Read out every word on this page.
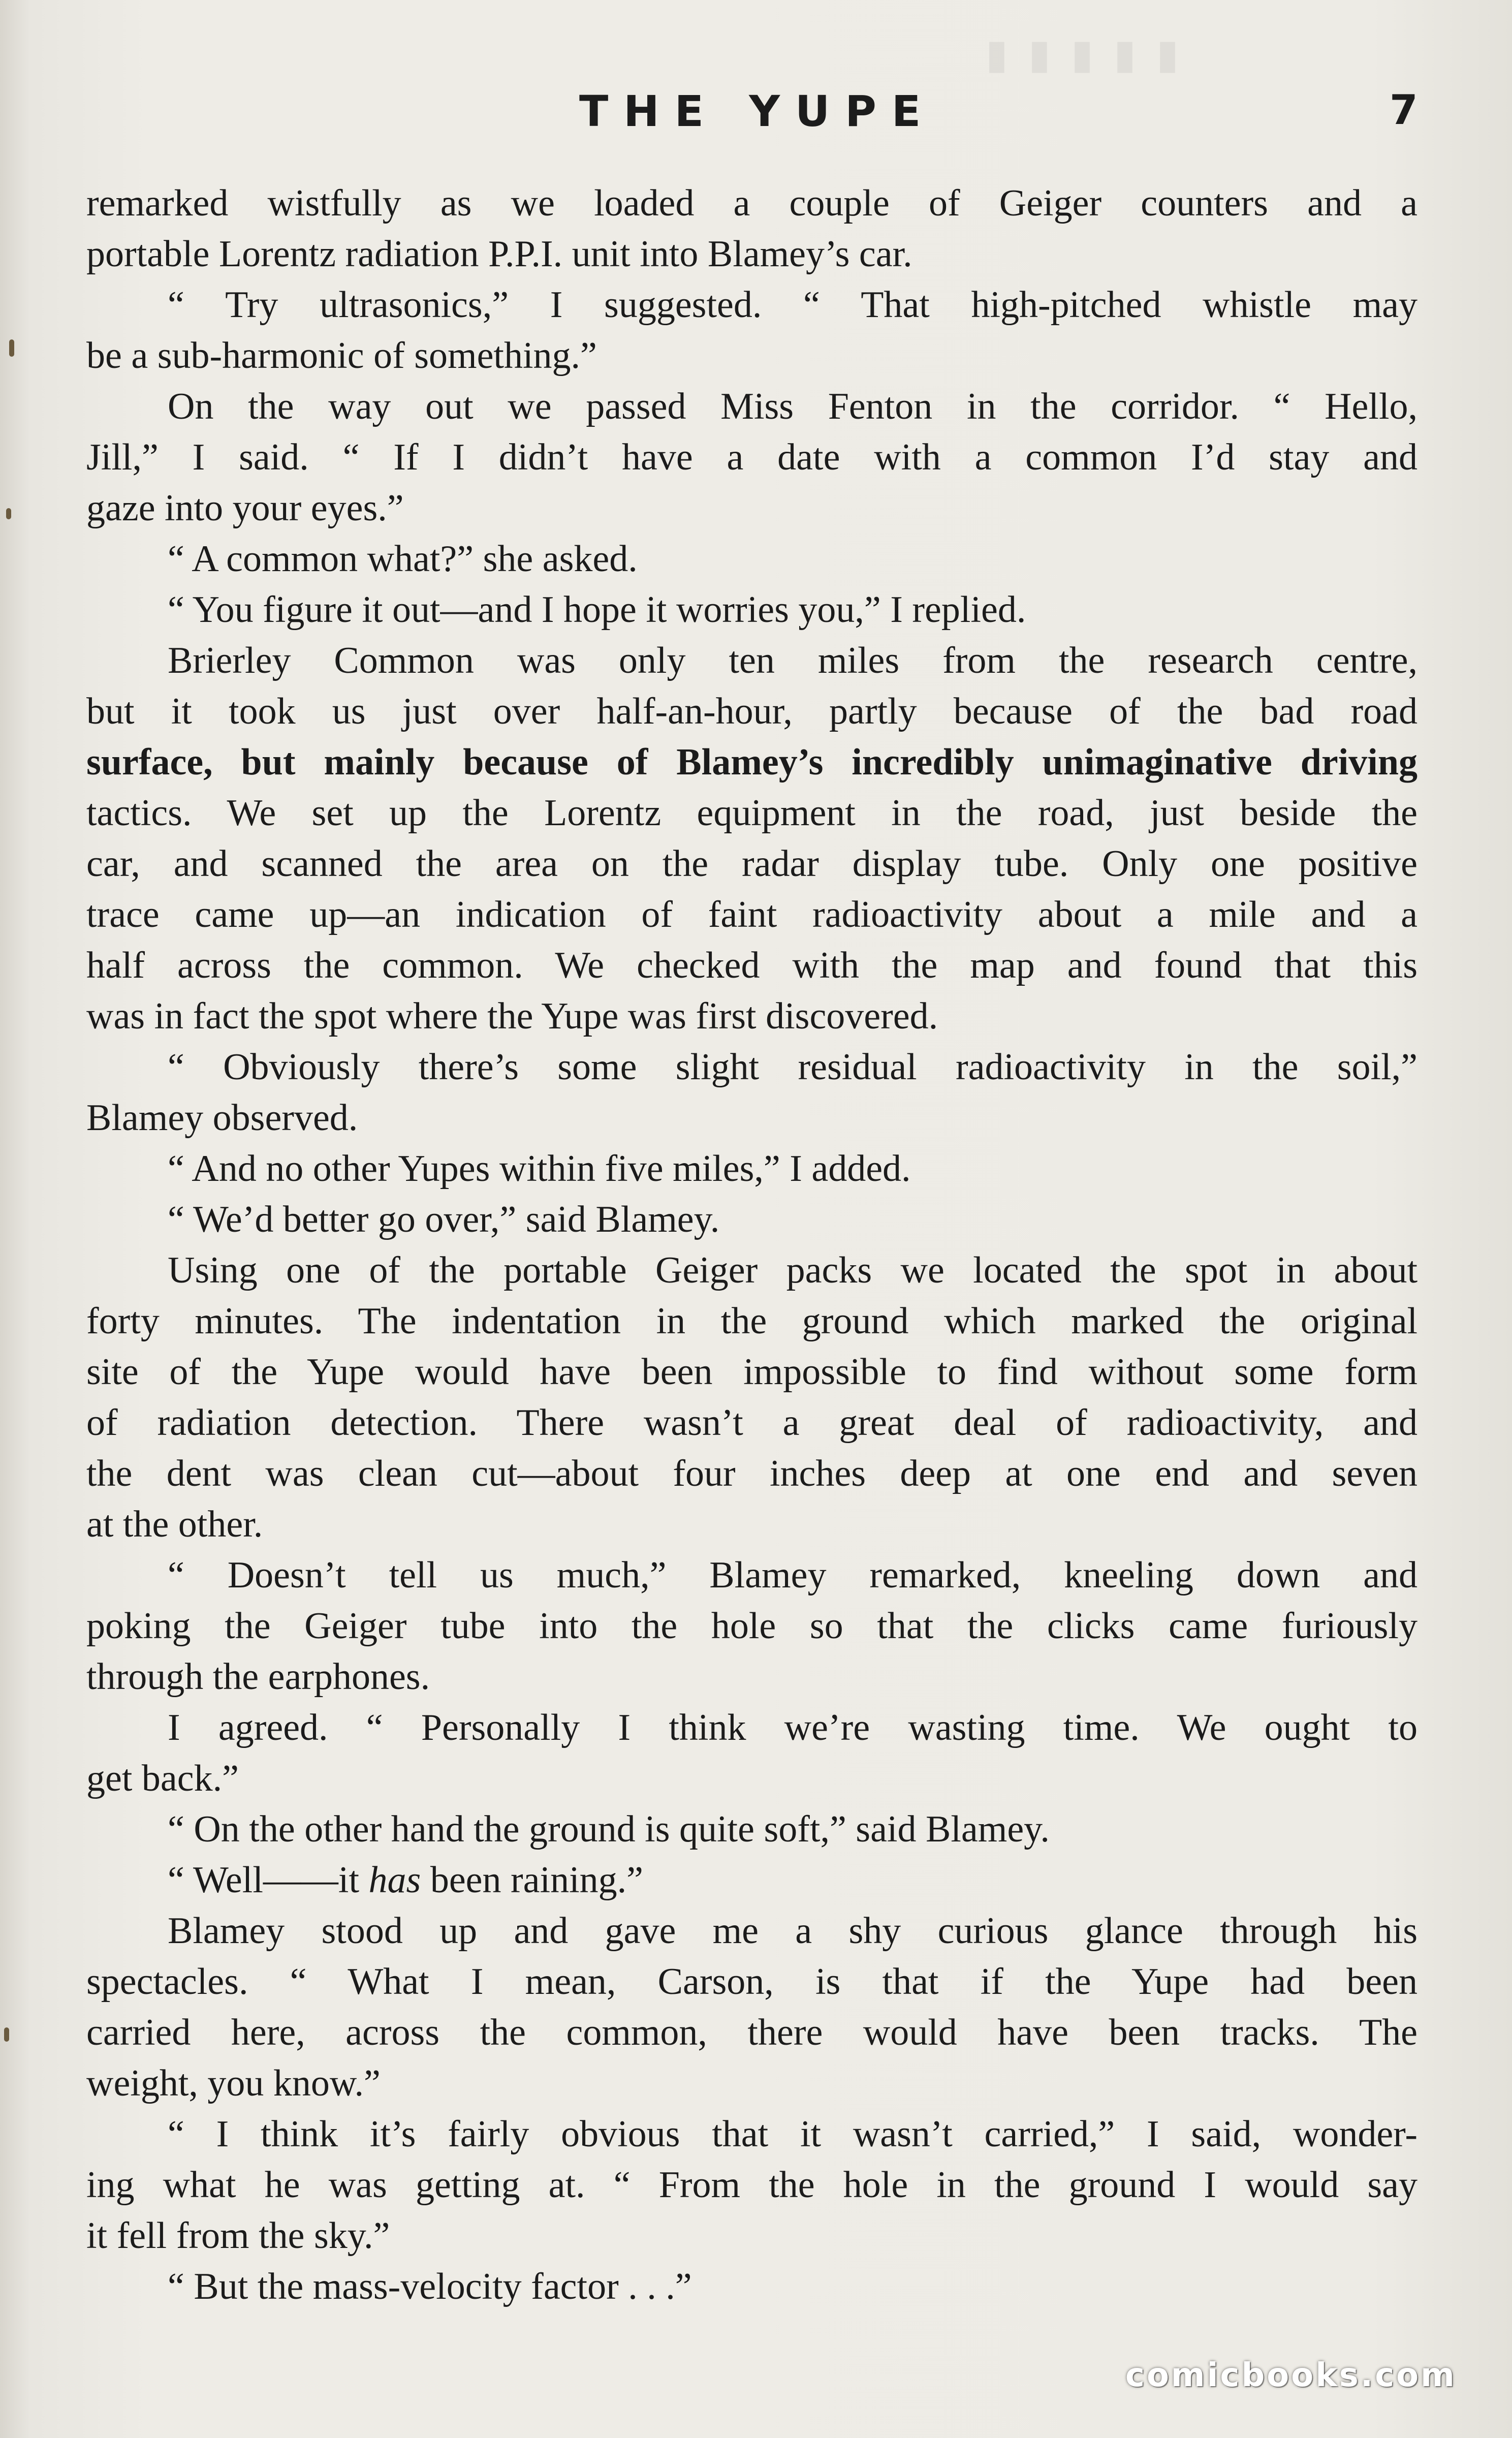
▮▮▮▮▮
THE YUPE	7
remarked wistfully as we loaded a couple of Geiger counters and a
portable Lorentz radiation P.P.I. unit into Blamey’s car.
“ Try ultrasonics,” I suggested. “ That high-pitched whistle may
be a sub-harmonic of something.”
On the way out we passed Miss Fenton in the corridor. “ Hello,
Jill,” I said. “ If I didn’t have a date with a common I’d stay and
gaze into your eyes.”
“ A common what?” she asked.
“ You figure it out—and I hope it worries you,” I replied.
Brierley Common was only ten miles from the research centre,
but it took us just over half-an-hour, partly because of the bad road
surface, but mainly because of Blamey’s incredibly unimaginative driving
tactics. We set up the Lorentz equipment in the road, just beside the
car, and scanned the area on the radar display tube. Only one positive
trace came up—an indication of faint radioactivity about a mile and a
half across the common. We checked with the map and found that this
was in fact the spot where the Yupe was first discovered.
“ Obviously there’s some slight residual radioactivity in the soil,”
Blamey observed.
“ And no other Yupes within five miles,” I added.
“ We’d better go over,” said Blamey.
Using one of the portable Geiger packs we located the spot in about
forty minutes. The indentation in the ground which marked the original
site of the Yupe would have been impossible to find without some form
of radiation detection. There wasn’t a great deal of radioactivity, and
the dent was clean cut—about four inches deep at one end and seven
at the other.
“ Doesn’t tell us much,” Blamey remarked, kneeling down and
poking the Geiger tube into the hole so that the clicks came furiously
through the earphones.
I agreed. “ Personally I think we’re wasting time. We ought to
get back.”
“ On the other hand the ground is quite soft,” said Blamey.
“ Well——it has been raining.”
Blamey stood up and gave me a shy curious glance through his
spectacles. “ What I mean, Carson, is that if the Yupe had been
carried here, across the common, there would have been tracks. The
weight, you know.”
“ I think it’s fairly obvious that it wasn’t carried,” I said, wonder-
ing what he was getting at. “ From the hole in the ground I would say
it fell from the sky.”
“ But the mass-velocity factor . . .”
comicbooks.com
